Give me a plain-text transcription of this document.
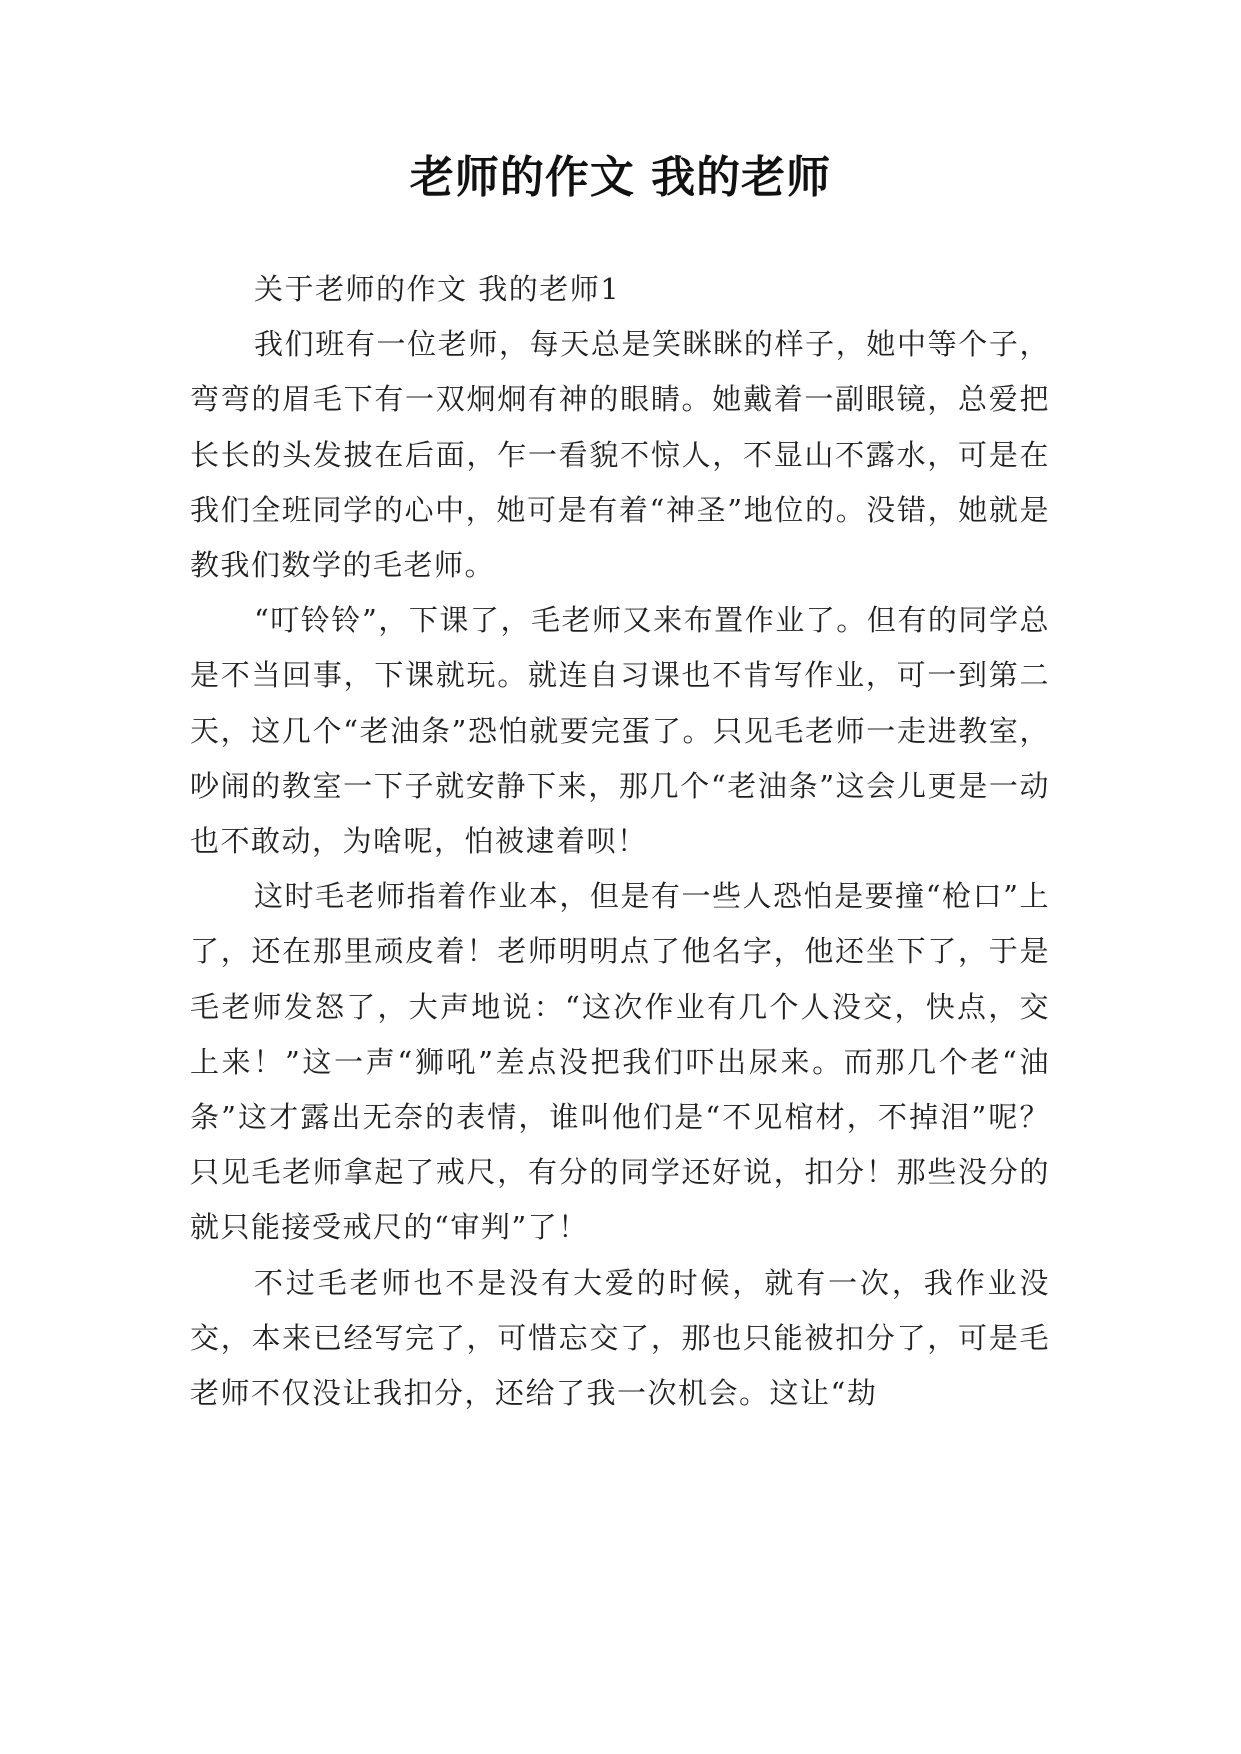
老师的作文 我的老师

关于老师的作文 我的老师1

我们班有一位老师，每天总是笑眯眯的样子，她中等个子，弯弯的眉毛下有一双炯炯有神的眼睛。她戴着一副眼镜，总爱把长长的头发披在后面，乍一看貌不惊人，不显山不露水，可是在我们全班同学的心中，她可是有着“神圣”地位的。没错，她就是教我们数学的毛老师。

“叮铃铃”，下课了，毛老师又来布置作业了。但有的同学总是不当回事，下课就玩。就连自习课也不肯写作业，可一到第二天，这几个“老油条”恐怕就要完蛋了。只见毛老师一走进教室，吵闹的教室一下子就安静下来，那几个“老油条”这会儿更是一动也不敢动，为啥呢，怕被逮着呗！

这时毛老师指着作业本，但是有一些人恐怕是要撞“枪口”上了，还在那里顽皮着！老师明明点了他名字，他还坐下了，于是毛老师发怒了，大声地说：“这次作业有几个人没交，快点，交上来！”这一声“狮吼”差点没把我们吓出尿来。而那几个老“油条”这才露出无奈的表情，谁叫他们是“不见棺材，不掉泪”呢？只见毛老师拿起了戒尺，有分的同学还好说，扣分！那些没分的就只能接受戒尺的“审判”了！

不过毛老师也不是没有大爱的时候，就有一次，我作业没交，本来已经写完了，可惜忘交了，那也只能被扣分了，可是毛老师不仅没让我扣分，还给了我一次机会。这让“劫
